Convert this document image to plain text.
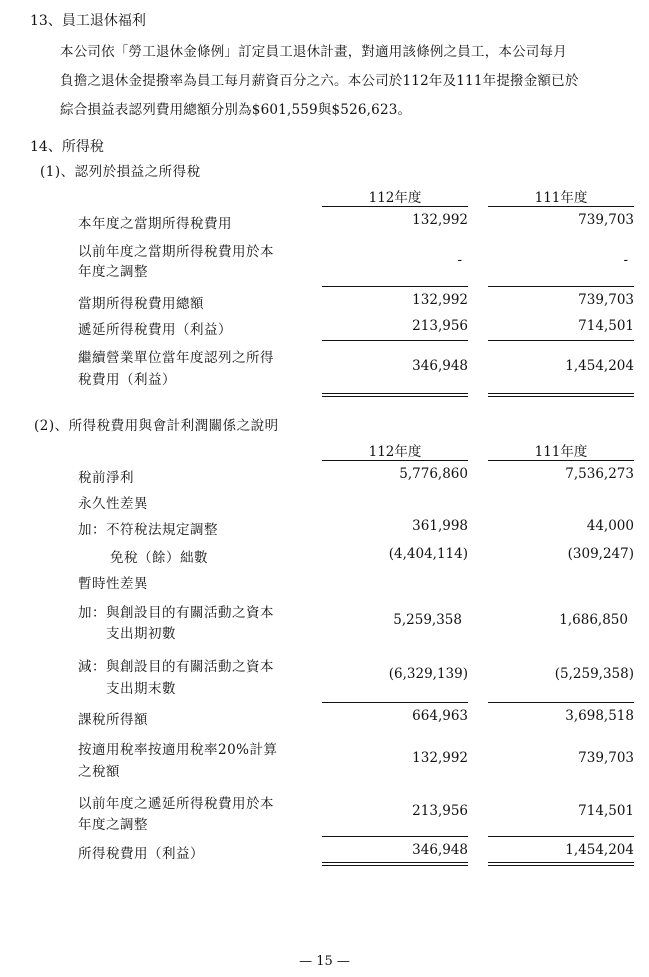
13、員工退休福利
本公司依「勞工退休金條例」訂定員工退休計畫，對適用該條例之員工，本公司每月
負擔之退休金提撥率為員工每月薪資百分之六。本公司於112年及111年提撥金額已於
綜合損益表認列費用總額分別為$601,559與$526,623。
14、所得稅
(1)、認列於損益之所得稅
112年度	111年度
本年度之當期所得稅費用	132,992	739,703
以前年度之當期所得稅費用於本
年度之調整
-	-
當期所得稅費用總額	132,992	739,703
遞延所得稅費用（利益）	213,956	714,501
繼續營業單位當年度認列之所得
稅費用（利益）
346,948	1,454,204
(2)、所得稅費用與會計利潤關係之說明
112年度	111年度
稅前淨利	5,776,860	7,536,273
永久性差異
加：不符稅法規定調整	361,998	44,000
免稅（餘）絀數	(4,404,114)	(309,247)
暫時性差異
加：與創設目的有關活動之資本
支出期初數
5,259,358	1,686,850
減：與創設目的有關活動之資本
支出期末數
(6,329,139)	(5,259,358)
課稅所得額	664,963	3,698,518
按適用稅率按適用稅率20%計算
之稅額
132,992	739,703
以前年度之遞延所得稅費用於本
年度之調整
213,956	714,501
所得稅費用（利益）	346,948	1,454,204
— 15 —
